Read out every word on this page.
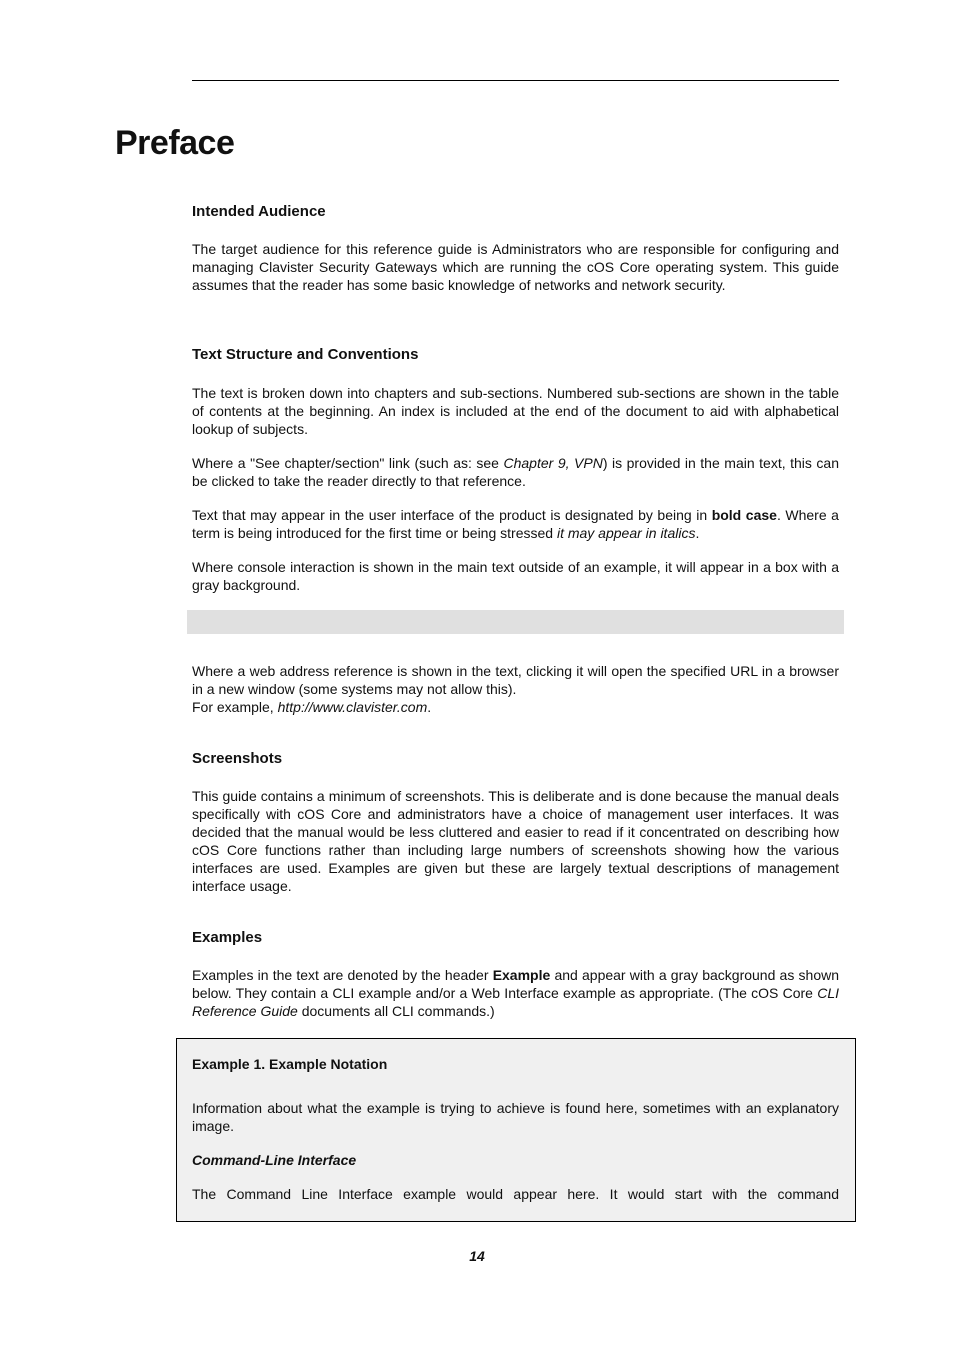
Preface
Intended Audience

The target audience for this reference guide is Administrators who are responsible for configuring and managing Clavister Security Gateways which are running the cOS Core operating system. This guide assumes that the reader has some basic knowledge of networks and network security.

Text Structure and Conventions

The text is broken down into chapters and sub-sections. Numbered sub-sections are shown in the table of contents at the beginning. An index is included at the end of the document to aid with alphabetical lookup of subjects.

Where a "See chapter/section" link (such as: see Chapter 9, VPN) is provided in the main text, this can be clicked to take the reader directly to that reference.

Text that may appear in the user interface of the product is designated by being in bold case. Where a term is being introduced for the first time or being stressed it may appear in italics.

Where console interaction is shown in the main text outside of an example, it will appear in a box with a gray background.

Where a web address reference is shown in the text, clicking it will open the specified URL in a browser in a new window (some systems may not allow this).
For example, http://www.clavister.com.

Screenshots

This guide contains a minimum of screenshots. This is deliberate and is done because the manual deals specifically with cOS Core and administrators have a choice of management user interfaces. It was decided that the manual would be less cluttered and easier to read if it concentrated on describing how cOS Core functions rather than including large numbers of screenshots showing how the various interfaces are used. Examples are given but these are largely textual descriptions of management interface usage.

Examples

Examples in the text are denoted by the header Example and appear with a gray background as shown below. They contain a CLI example and/or a Web Interface example as appropriate. (The cOS Core CLI Reference Guide documents all CLI commands.)

Example 1. Example Notation
Information about what the example is trying to achieve is found here, sometimes with an explanatory image.
Command-Line Interface
The Command Line Interface example would appear here. It would start with the command
14
